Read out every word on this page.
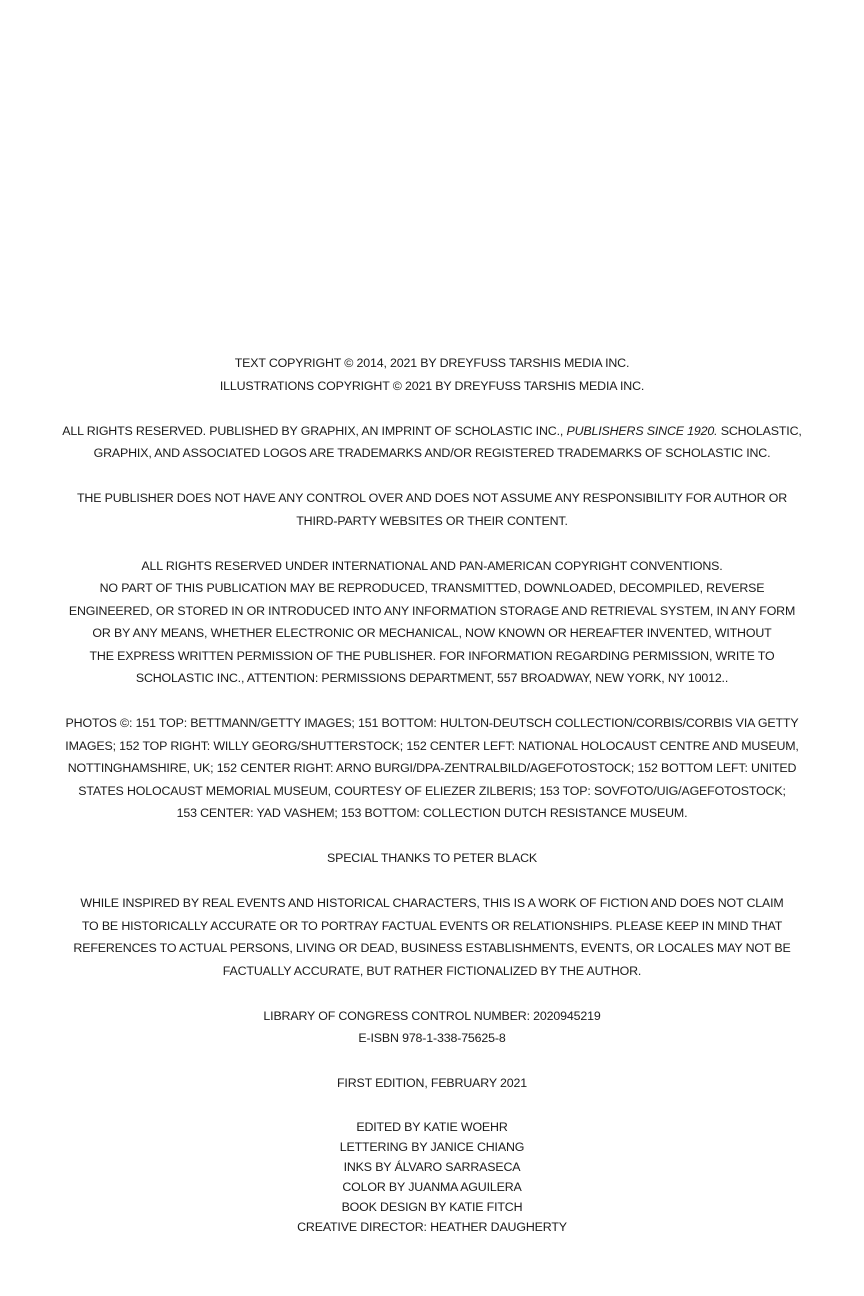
TEXT COPYRIGHT © 2014, 2021 BY DREYFUSS TARSHIS MEDIA INC.
ILLUSTRATIONS COPYRIGHT © 2021 BY DREYFUSS TARSHIS MEDIA INC.
ALL RIGHTS RESERVED. PUBLISHED BY GRAPHIX, AN IMPRINT OF SCHOLASTIC INC., PUBLISHERS SINCE 1920. SCHOLASTIC,
GRAPHIX, AND ASSOCIATED LOGOS ARE TRADEMARKS AND/OR REGISTERED TRADEMARKS OF SCHOLASTIC INC.
THE PUBLISHER DOES NOT HAVE ANY CONTROL OVER AND DOES NOT ASSUME ANY RESPONSIBILITY FOR AUTHOR OR
THIRD-PARTY WEBSITES OR THEIR CONTENT.
ALL RIGHTS RESERVED UNDER INTERNATIONAL AND PAN-AMERICAN COPYRIGHT CONVENTIONS.
NO PART OF THIS PUBLICATION MAY BE REPRODUCED, TRANSMITTED, DOWNLOADED, DECOMPILED, REVERSE
ENGINEERED, OR STORED IN OR INTRODUCED INTO ANY INFORMATION STORAGE AND RETRIEVAL SYSTEM, IN ANY FORM
OR BY ANY MEANS, WHETHER ELECTRONIC OR MECHANICAL, NOW KNOWN OR HEREAFTER INVENTED, WITHOUT
THE EXPRESS WRITTEN PERMISSION OF THE PUBLISHER. FOR INFORMATION REGARDING PERMISSION, WRITE TO
SCHOLASTIC INC., ATTENTION: PERMISSIONS DEPARTMENT, 557 BROADWAY, NEW YORK, NY 10012..
PHOTOS ©: 151 TOP: BETTMANN/GETTY IMAGES; 151 BOTTOM: HULTON-DEUTSCH COLLECTION/CORBIS/CORBIS VIA GETTY
IMAGES; 152 TOP RIGHT: WILLY GEORG/SHUTTERSTOCK; 152 CENTER LEFT: NATIONAL HOLOCAUST CENTRE AND MUSEUM,
NOTTINGHAMSHIRE, UK; 152 CENTER RIGHT: ARNO BURGI/DPA-ZENTRALBILD/AGEFOTOSTOCK; 152 BOTTOM LEFT: UNITED
STATES HOLOCAUST MEMORIAL MUSEUM, COURTESY OF ELIEZER ZILBERIS; 153 TOP: SOVFOTO/UIG/AGEFOTOSTOCK;
153 CENTER: YAD VASHEM; 153 BOTTOM: COLLECTION DUTCH RESISTANCE MUSEUM.
SPECIAL THANKS TO PETER BLACK
WHILE INSPIRED BY REAL EVENTS AND HISTORICAL CHARACTERS, THIS IS A WORK OF FICTION AND DOES NOT CLAIM
TO BE HISTORICALLY ACCURATE OR TO PORTRAY FACTUAL EVENTS OR RELATIONSHIPS. PLEASE KEEP IN MIND THAT
REFERENCES TO ACTUAL PERSONS, LIVING OR DEAD, BUSINESS ESTABLISHMENTS, EVENTS, OR LOCALES MAY NOT BE
FACTUALLY ACCURATE, BUT RATHER FICTIONALIZED BY THE AUTHOR.
LIBRARY OF CONGRESS CONTROL NUMBER: 2020945219
E-ISBN 978-1-338-75625-8
FIRST EDITION, FEBRUARY 2021
EDITED BY KATIE WOEHR
LETTERING BY JANICE CHIANG
INKS BY ÁLVARO SARRASECA
COLOR BY JUANMA AGUILERA
BOOK DESIGN BY KATIE FITCH
CREATIVE DIRECTOR: HEATHER DAUGHERTY
